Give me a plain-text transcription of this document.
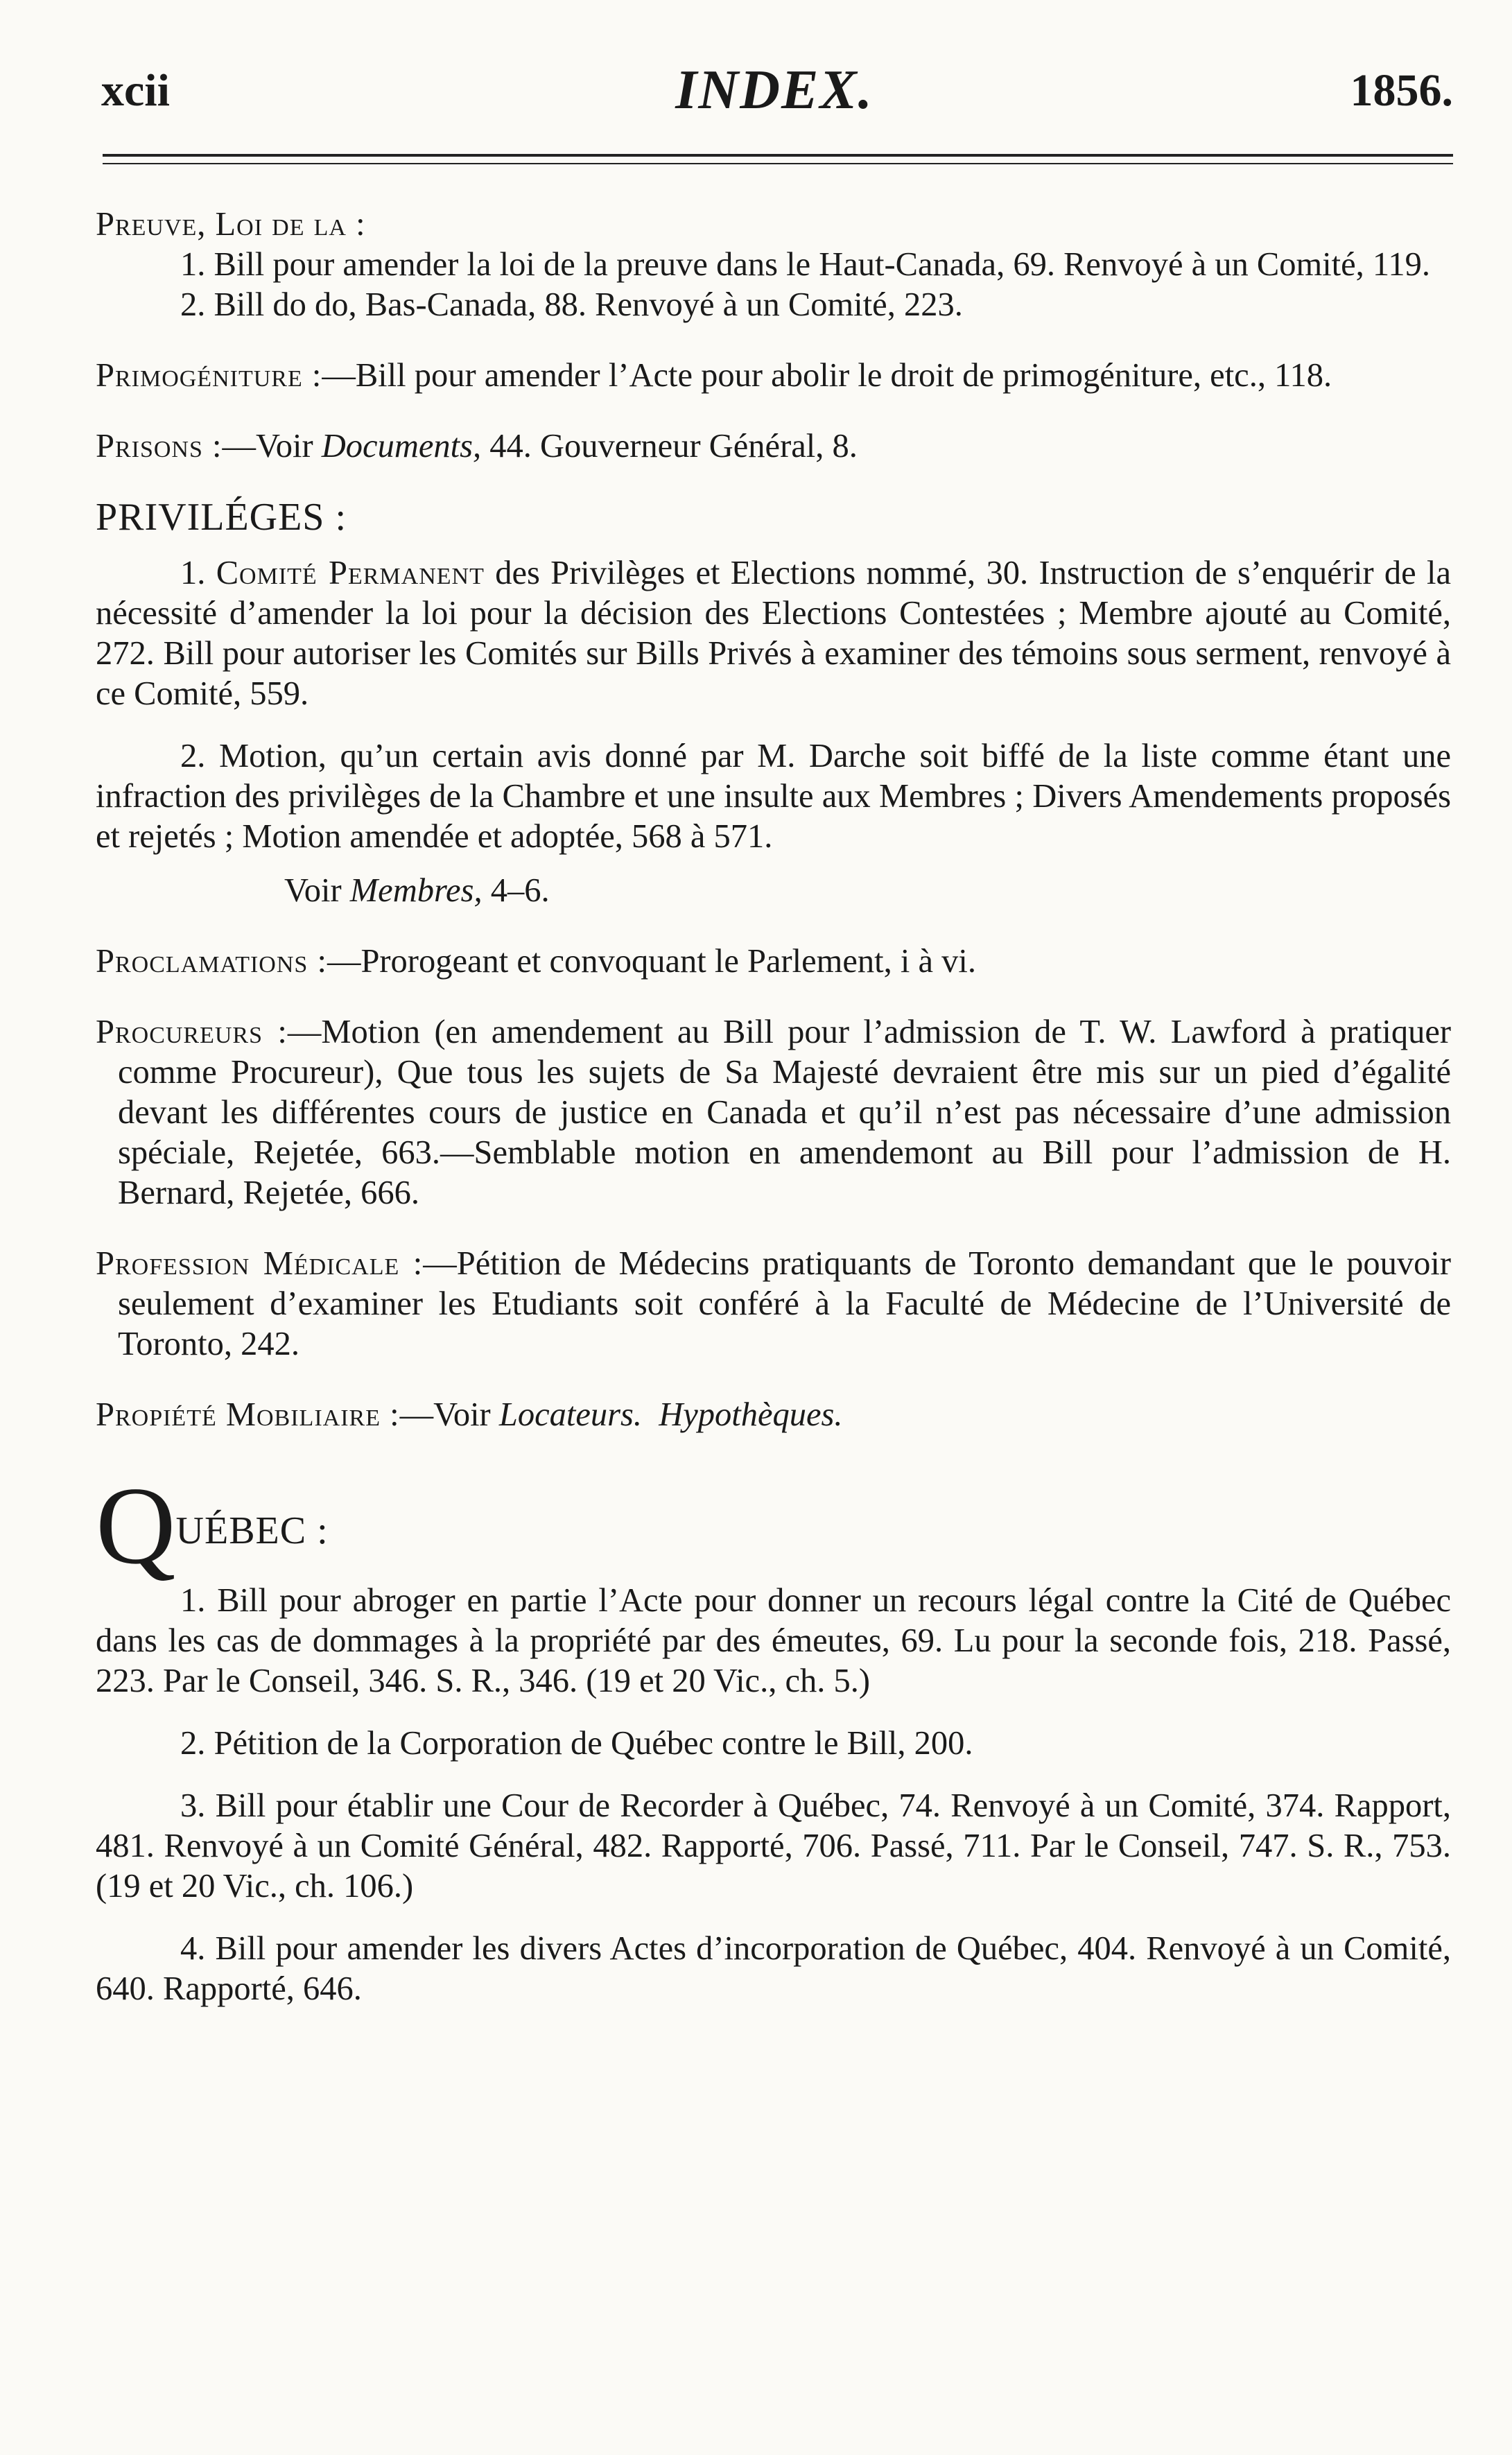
xcii	INDEX.	1856.
Preuve, Loi de la :
1. Bill pour amender la loi de la preuve dans le Haut-Canada, 69. Renvoyé à un Comité, 119.
2. Bill do do, Bas-Canada, 88. Renvoyé à un Comité, 223.
Primogéniture :—Bill pour amender l’Acte pour abolir le droit de primogéniture, etc., 118.
Prisons :—Voir Documents, 44. Gouverneur Général, 8.
PRIVILÉGES :
1. Comité Permanent des Privilèges et Elections nommé, 30. Instruction de s’enquérir de la nécessité d’amender la loi pour la décision des Elections Contestées ; Membre ajouté au Comité, 272. Bill pour autoriser les Comités sur Bills Privés à examiner des témoins sous serment, renvoyé à ce Comité, 559.
2. Motion, qu’un certain avis donné par M. Darche soit biffé de la liste comme étant une infraction des privilèges de la Chambre et une insulte aux Membres ; Divers Amendements proposés et rejetés ; Motion amendée et adoptée, 568 à 571.
Voir Membres, 4–6.
Proclamations :—Prorogeant et convoquant le Parlement, i à vi.
Procureurs :—Motion (en amendement au Bill pour l’admission de T. W. Lawford à pratiquer comme Procureur), Que tous les sujets de Sa Majesté devraient être mis sur un pied d’égalité devant les différentes cours de justice en Canada et qu’il n’est pas nécessaire d’une admission spéciale, Rejetée, 663.—Semblable motion en amendemont au Bill pour l’admission de H. Bernard, Rejetée, 666.
Profession Médicale :—Pétition de Médecins pratiquants de Toronto demandant que le pouvoir seulement d’examiner les Etudiants soit conféré à la Faculté de Médecine de l’Université de Toronto, 242.
Propiété Mobiliaire :—Voir Locateurs. Hypothèques.
QUÉBEC :
1. Bill pour abroger en partie l’Acte pour donner un recours légal contre la Cité de Québec dans les cas de dommages à la propriété par des émeutes, 69. Lu pour la seconde fois, 218. Passé, 223. Par le Conseil, 346. S. R., 346. (19 et 20 Vic., ch. 5.)
2. Pétition de la Corporation de Québec contre le Bill, 200.
3. Bill pour établir une Cour de Recorder à Québec, 74. Renvoyé à un Comité, 374. Rapport, 481. Renvoyé à un Comité Général, 482. Rapporté, 706. Passé, 711. Par le Conseil, 747. S. R., 753. (19 et 20 Vic., ch. 106.)
4. Bill pour amender les divers Actes d’incorporation de Québec, 404. Renvoyé à un Comité, 640. Rapporté, 646.
